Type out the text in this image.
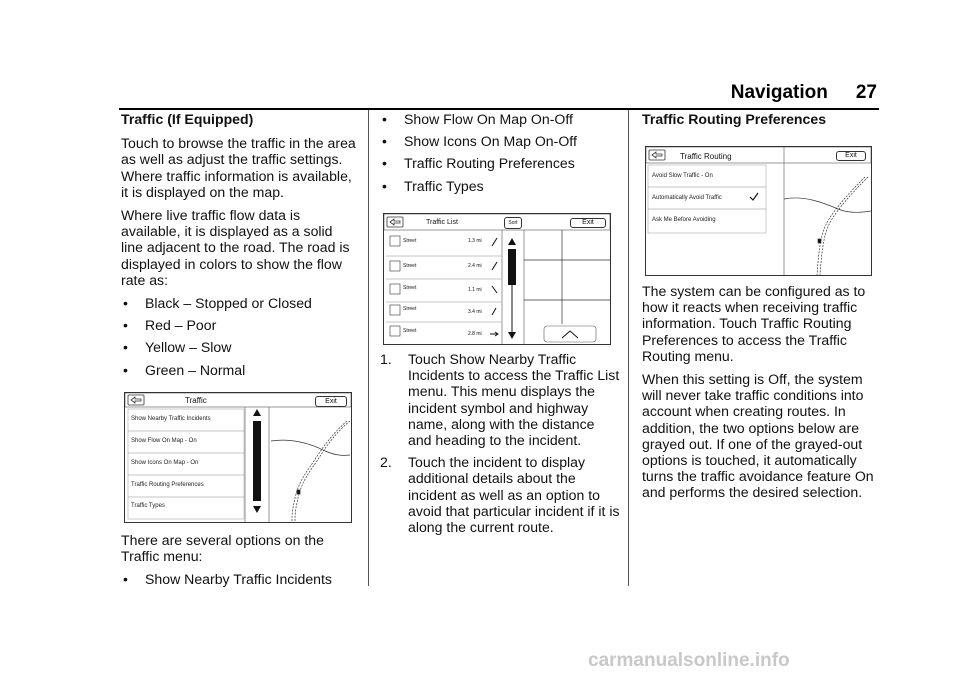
Navigation 27
Traffic (If Equipped)

Touch to browse the traffic in the area as well as adjust the traffic settings. Where traffic information is available, it is displayed on the map.

Where live traffic flow data is available, it is displayed as a solid line adjacent to the road. The road is displayed in colors to show the flow rate as:

• Black – Stopped or Closed
• Red – Poor
• Yellow – Slow
• Green – Normal
Traffic	Exit
Show Nearby Traffic Incidents
Show Flow On Map - On
Show Icons On Map - On
Traffic Routing Preferences
Traffic Types

There are several options on the Traffic menu:

• Show Nearby Traffic Incidents
• Show Flow On Map On-Off
• Show Icons On Map On-Off
• Traffic Routing Preferences
• Traffic Types
Traffic List	Sort	Exit
Street	1.3 mi
Street	2.4 mi
Street	1.1 mi
Street	3.4 mi
Street	2.8 mi
1. Touch Show Nearby Traffic Incidents to access the Traffic List menu. This menu displays the incident symbol and highway name, along with the distance and heading to the incident.
2. Touch the incident to display additional details about the incident as well as an option to avoid that particular incident if it is along the current route.
Traffic Routing Preferences
Traffic Routing	Exit
Avoid Slow Traffic - On
Automatically Avoid Traffic
Ask Me Before Avoiding

The system can be configured as to how it reacts when receiving traffic information. Touch Traffic Routing Preferences to access the Traffic Routing menu.

When this setting is Off, the system will never take traffic conditions into account when creating routes. In addition, the two options below are grayed out. If one of the grayed-out options is touched, it automatically turns the traffic avoidance feature On and performs the desired selection.

carmanualsonline.info
